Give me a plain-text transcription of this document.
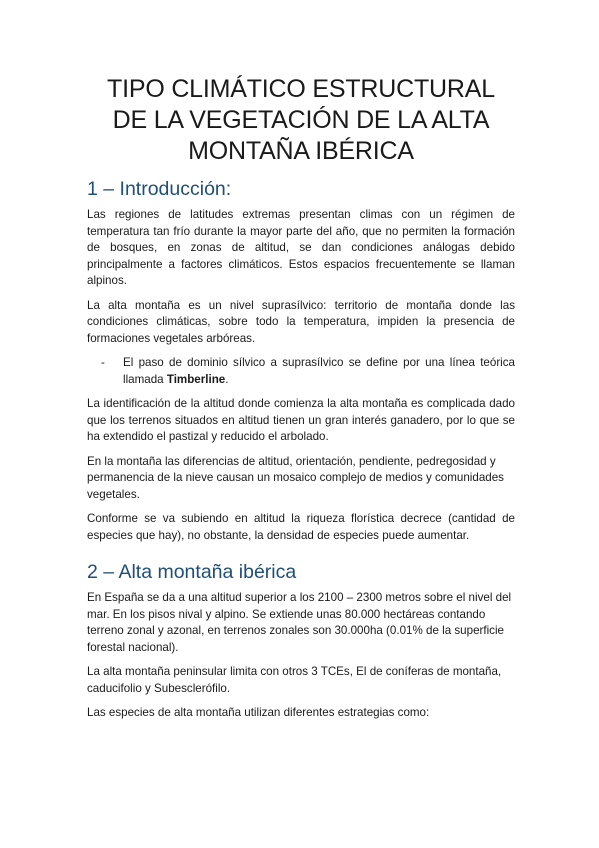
TIPO CLIMÁTICO ESTRUCTURAL DE LA VEGETACIÓN DE LA ALTA MONTAÑA IBÉRICA
1 – Introducción:

Las regiones de latitudes extremas presentan climas con un régimen de temperatura tan frío durante la mayor parte del año, que no permiten la formación de bosques, en zonas de altitud, se dan condiciones análogas debido principalmente a factores climáticos. Estos espacios frecuentemente se llaman alpinos.

La alta montaña es un nivel suprasílvico: territorio de montaña donde las condiciones climáticas, sobre todo la temperatura, impiden la presencia de formaciones vegetales arbóreas.

-	El paso de dominio sílvico a suprasílvico se define por una línea teórica llamada Timberline.

La identificación de la altitud donde comienza la alta montaña es complicada dado que los terrenos situados en altitud tienen un gran interés ganadero, por lo que se ha extendido el pastizal y reducido el arbolado.

En la montaña las diferencias de altitud, orientación, pendiente, pedregosidad y permanencia de la nieve causan un mosaico complejo de medios y comunidades vegetales.

Conforme se va subiendo en altitud la riqueza florística decrece (cantidad de especies que hay), no obstante, la densidad de especies puede aumentar.

2 – Alta montaña ibérica

En España se da a una altitud superior a los 2100 – 2300 metros sobre el nivel del mar. En los pisos nival y alpino. Se extiende unas 80.000 hectáreas contando terreno zonal y azonal, en terrenos zonales son 30.000ha (0.01% de la superficie forestal nacional).

La alta montaña peninsular limita con otros 3 TCEs, El de coníferas de montaña, caducifolio y Subesclerófilo.

Las especies de alta montaña utilizan diferentes estrategias como:
